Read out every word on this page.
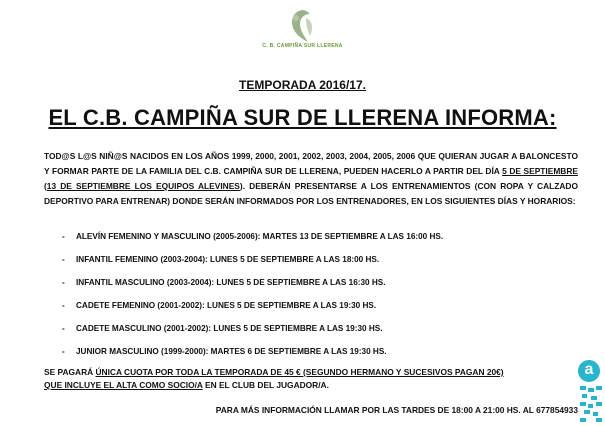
C. B. CAMPIÑA SUR LLERENA
TEMPORADA 2016/17.
EL C.B. CAMPIÑA SUR DE LLERENA INFORMA:
TOD@S L@S NIÑ@S NACIDOS EN LOS AÑOS 1999, 2000, 2001, 2002, 2003, 2004, 2005, 2006 QUE QUIERAN JUGAR A BALONCESTO Y FORMAR PARTE DE LA FAMILIA DEL C.B. CAMPIÑA SUR DE LLERENA, PUEDEN HACERLO A PARTIR DEL DÍA 5 DE SEPTIEMBRE (13 DE SEPTIEMBRE LOS EQUIPOS ALEVINES). DEBERÁN PRESENTARSE A LOS ENTRENAMIENTOS (CON ROPA Y CALZADO DEPORTIVO PARA ENTRENAR) DONDE SERÁN INFORMADOS POR LOS ENTRENADORES, EN LOS SIGUIENTES DÍAS Y HORARIOS:
- ALEVÍN FEMENINO Y MASCULINO (2005-2006): MARTES 13 DE SEPTIEMBRE A LAS 16:00 HS.
- INFANTIL FEMENINO (2003-2004): LUNES 5 DE SEPTIEMBRE A LAS 18:00 HS.
- INFANTIL MASCULINO (2003-2004): LUNES 5 DE SEPTIEMBRE A LAS 16:30 HS.
- CADETE FEMENINO (2001-2002): LUNES 5 DE SEPTIEMBRE A LAS 19:30 HS.
- CADETE MASCULINO (2001-2002): LUNES 5 DE SEPTIEMBRE A LAS 19:30 HS.
- JUNIOR MASCULINO (1999-2000): MARTES 6 DE SEPTIEMBRE A LAS 19:30 HS.
SE PAGARÁ ÚNICA CUOTA POR TODA LA TEMPORADA DE 45 € (SEGUNDO HERMANO Y SUCESIVOS PAGAN 20€)
QUE INCLUYE EL ALTA COMO SOCIO/A EN EL CLUB DEL JUGADOR/A.
PARA MÁS INFORMACIÓN LLAMAR POR LAS TARDES DE 18:00 A 21:00 HS. AL 677854933
a
